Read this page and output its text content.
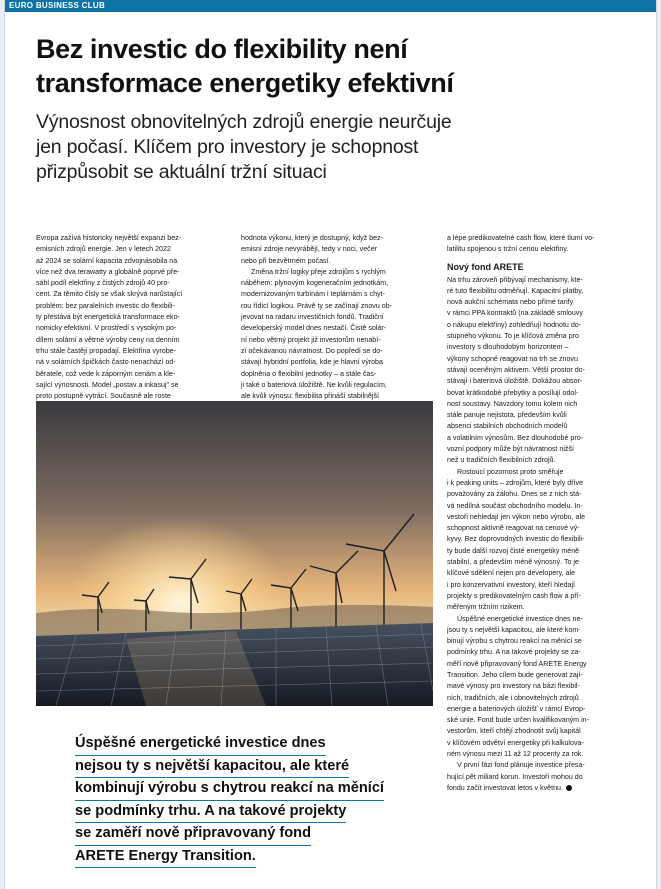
EURO BUSINESS CLUB
Bez investic do flexibility není
transformace energetiky efektivní
Výnosnost obnovitelných zdrojů energie neurčuje
jen počasí. Klíčem pro investory je schopnost
přizpůsobit se aktuální tržní situaci
Evropa zažívá historicky největší expanzi bez-
emisních zdrojů energie. Jen v letech 2022
až 2024 se solární kapacita zdvojnásobila na
více než dva terawatty a globálně poprvé pře-
sáhl podíl elektřiny z čistých zdrojů 40 pro-
cent. Za těmito čísly se však skrývá narůstající
problém: bez paralelních investic do flexibili-
ty přestává být energetická transformace eko-
nomicky efektivní. V prostředí s vysokým po-
dílem solární a větrné výroby ceny na denním
trhu stále častěji propadají. Elektřina vyrobe-
ná v solárních špičkách často nenachází od-
běratele, což vede k záporným cenám a kle-
sající výnosnosti. Model „postav a inkasuj" se
proto postupně vytrácí. Současně ale roste
hodnota výkonu, který je dostupný, když bez-
emisní zdroje nevyrábějí, tedy v noci, večer
nebo při bezvětrném počasí.
Změna tržní logiky přeje zdrojům s rychlým
náběhem: plynovým kogeneračním jednotkám,
modernizovaným turbínám i teplárnám s chyt-
rou řídicí logikou. Právě ty se začínají znovu ob-
jevovat na radaru investičních fondů. Tradiční
developerský model dnes nestačí. Čistě solár-
ní nebo větrný projekt již investorům nenabí-
zí očekávanou návratnost. Do popředí se do-
stávají hybridní portfolia, kde je hlavní výroba
doplněna o flexibilní jednotky – a stále čas-
ji také o bateriová úložiště. Ne kvůli regulacím,
ale kvůli výnosu: flexibilita přináší stabilnější
a lépe predikovatelné cash flow, které tlumí vo-
latilitu spojenou s tržní cenou elektřiny.
Nový fond ARETE
Na trhu zároveň přibývají mechanismy, kte-
ré tuto flexibilitu odměňují. Kapacitní platby,
nová aukční schémata nebo přímé tarify
v rámci PPA kontraktů (na základě smlouvy
o nákupu elektřiny) zohledňují hodnotu do-
stupného výkonu. To je klíčová změna pro
investory s dlouhodobým horizontem –
výkony schopné reagovat na trh se znovu
stávají oceněným aktivem. Větší prostor do-
stávají i bateriová úložiště. Dokážou absor-
bovat krátkodobé přebytky a posílují odol-
nost soustavy. Navzdory tomu kolem nich
stále panuje nejistota, především kvůli
absenci stabilních obchodních modelů
a volatilním výnosům. Bez dlouhodobé pro-
vozní podpory může být návratnost nižší
než u tradičních flexibilních zdrojů.
Rostoucí pozornost proto směřuje
i k peaking units – zdrojům, které byly dříve
považovány za zálohu. Dnes se z nich stá-
vá nedílná součást obchodního modelu. In-
vestoři nehledají jen výkon nebo výrobu, ale
schopnost aktivně reagovat na cenové vý-
kyvy. Bez doprovodných investic do flexibili-
ty bude další rozvoj čisté energetiky méně
stabilní, a především méně výnosný. To je
klíčové sdělení nejen pro developery, ale
i pro konzervativní investory, kteří hledají
projekty s predikovatelným cash flow a pří-
měřeným tržním rizikem.
Úspěšné energetické investice dnes ne-
jsou ty s největší kapacitou, ale které kom-
binují výrobu s chytrou reakcí na měnící se
podmínky trhu. A na takové projekty se za-
měří nově připravovaný fond ARETE Energy
Transition. Jeho cílem bude generovat zají-
mavé výnosy pro investory na bázi flexibil-
ních, tradičních, ale i obnovitelných zdrojů
energie a bateriových úložišť v rámci Evrop-
ské unie. Fond bude určen kvalifikovaným in-
vestorům, kteří chtějí zhodnotit svůj kapitál
v klíčovém odvětví energetiky při kalkulova-
ném výnosu mezi 11 až 12 procenty za rok.
V první fázi fond plánuje investice přesa-
hující pět miliard korun. Investoři mohou do
fondu začít investovat letos v květnu.
Úspěšné energetické investice dnes
nejsou ty s největší kapacitou, ale které
kombinují výrobu s chytrou reakcí na měnící
se podmínky trhu. A na takové projekty
se zaměří nově připravovaný fond
ARETE Energy Transition.
